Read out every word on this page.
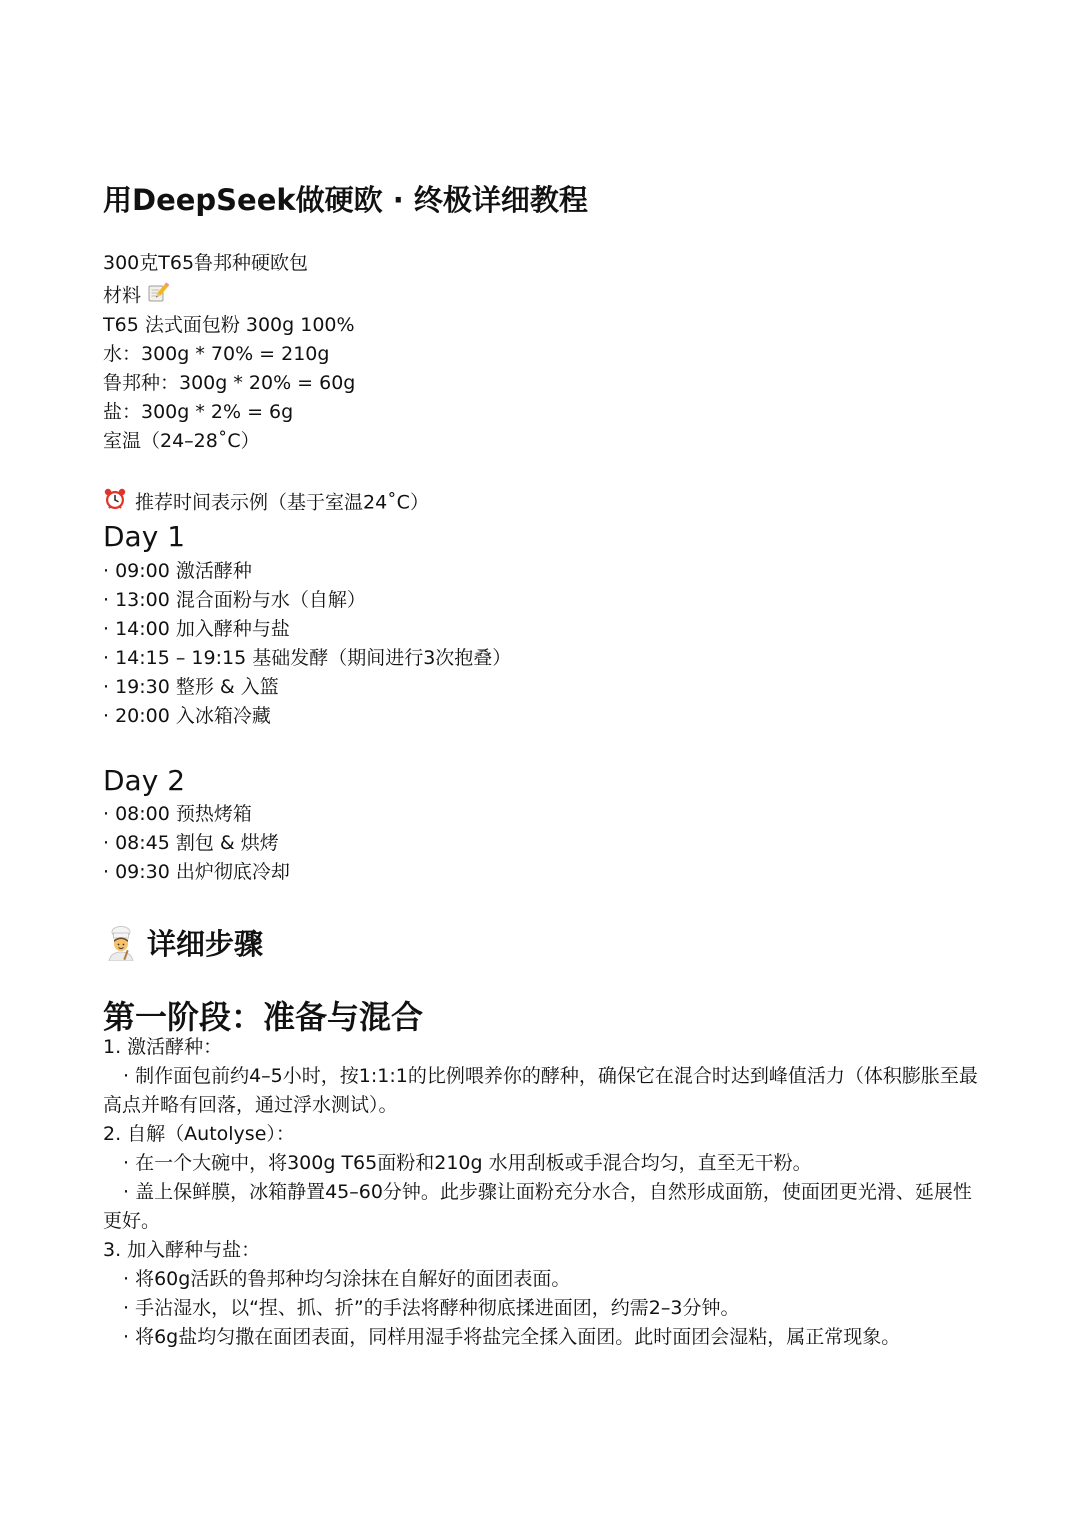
用DeepSeek做硬欧 · 终极详细教程
300克T65鲁邦种硬欧包
材料
T65 法式面包粉 300g 100%
水：300g * 70% = 210g
鲁邦种：300g * 20% = 60g
盐：300g * 2% = 6g
室温（24–28˚C）
推荐时间表示例（基于室温24˚C）
Day 1
· 09:00 激活酵种
· 13:00 混合面粉与水（自解）
· 14:00 加入酵种与盐
· 14:15 – 19:15 基础发酵（期间进行3次抱叠）
· 19:30 整形 & 入篮
· 20:00 入冰箱冷藏
Day 2
· 08:00 预热烤箱
· 08:45 割包 & 烘烤
· 09:30 出炉彻底冷却
详细步骤
第一阶段：准备与混合
1. 激活酵种：
· 制作面包前约4–5小时，按1:1:1的比例喂养你的酵种，确保它在混合时达到峰值活力（体积膨胀至最高点并略有回落，通过浮水测试）。
2. 自解（Autolyse）：
· 在一个大碗中，将300g T65面粉和210g 水用刮板或手混合均匀，直至无干粉。
· 盖上保鲜膜，冰箱静置45–60分钟。此步骤让面粉充分水合，自然形成面筋，使面团更光滑、延展性更好。
3. 加入酵种与盐：
· 将60g活跃的鲁邦种均匀涂抹在自解好的面团表面。
· 手沾湿水，以“捏、抓、折”的手法将酵种彻底揉进面团，约需2–3分钟。
· 将6g盐均匀撒在面团表面，同样用湿手将盐完全揉入面团。此时面团会湿粘，属正常现象。
